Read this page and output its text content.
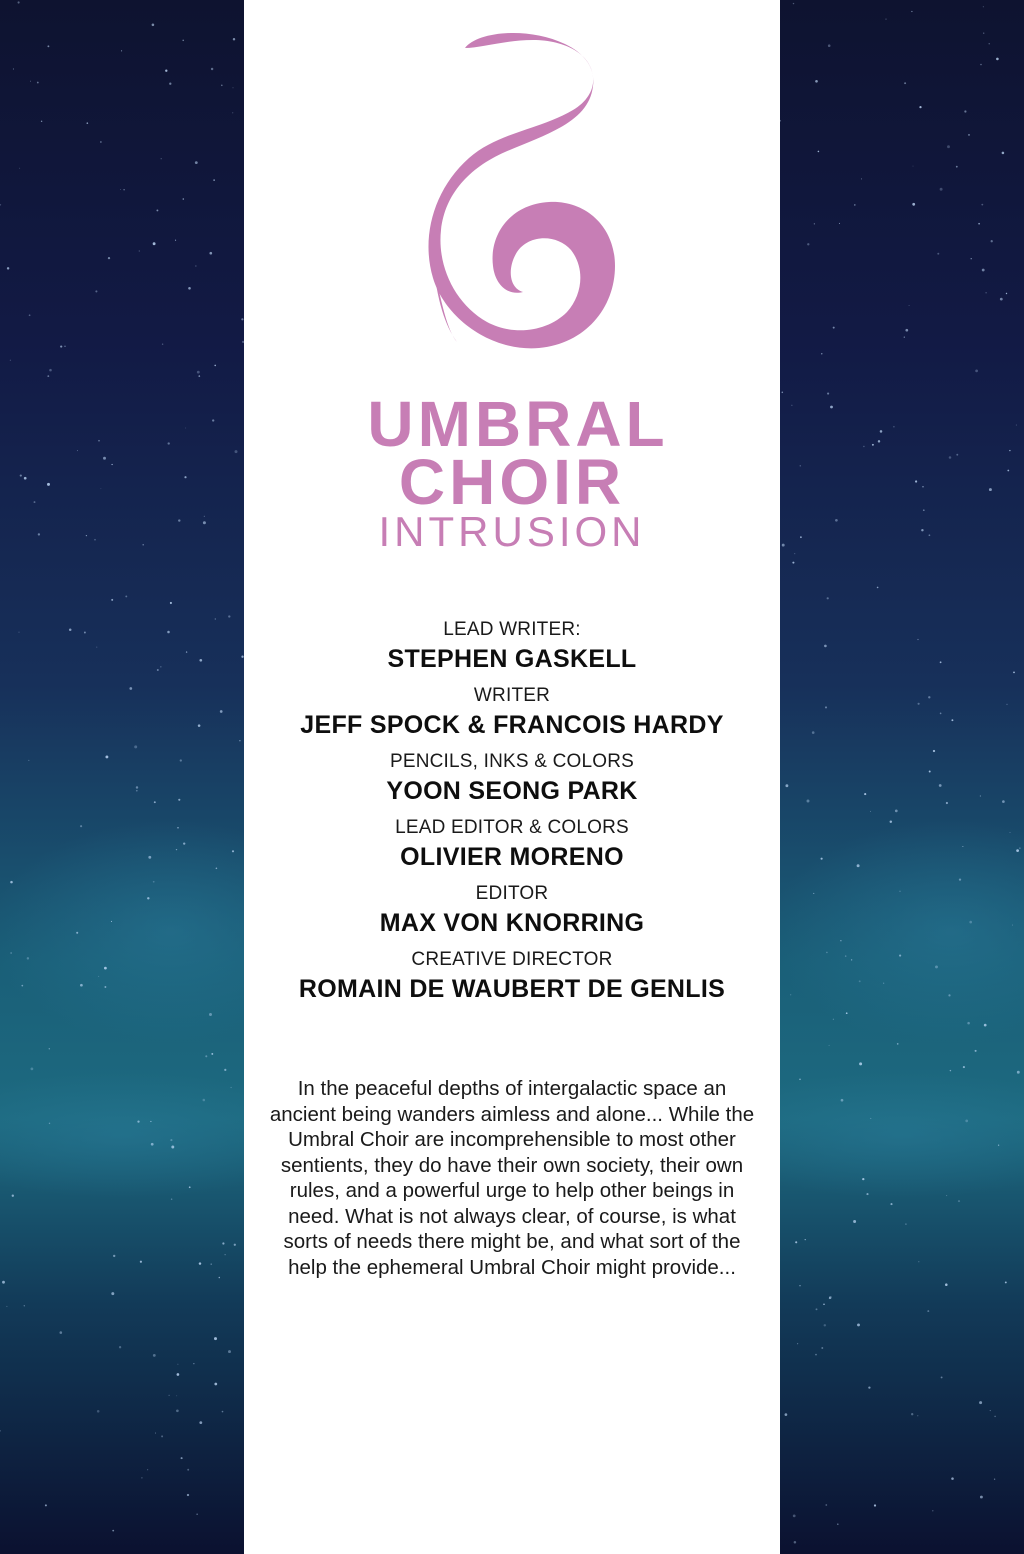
UMBRAL
CHOIR
INTRUSION
LEAD WRITER:
STEPHEN GASKELL
WRITER
JEFF SPOCK & FRANCOIS HARDY
PENCILS, INKS & COLORS
YOON SEONG PARK
LEAD EDITOR & COLORS
OLIVIER MORENO
EDITOR
MAX VON KNORRING
CREATIVE DIRECTOR
ROMAIN DE WAUBERT DE GENLIS
In the peaceful depths of intergalactic space an ancient being wanders aimless and alone... While the Umbral Choir are incomprehensible to most other sentients, they do have their own society, their own rules, and a powerful urge to help other beings in need. What is not always clear, of course, is what sorts of needs there might be, and what sort of the help the ephemeral Umbral Choir might provide...
